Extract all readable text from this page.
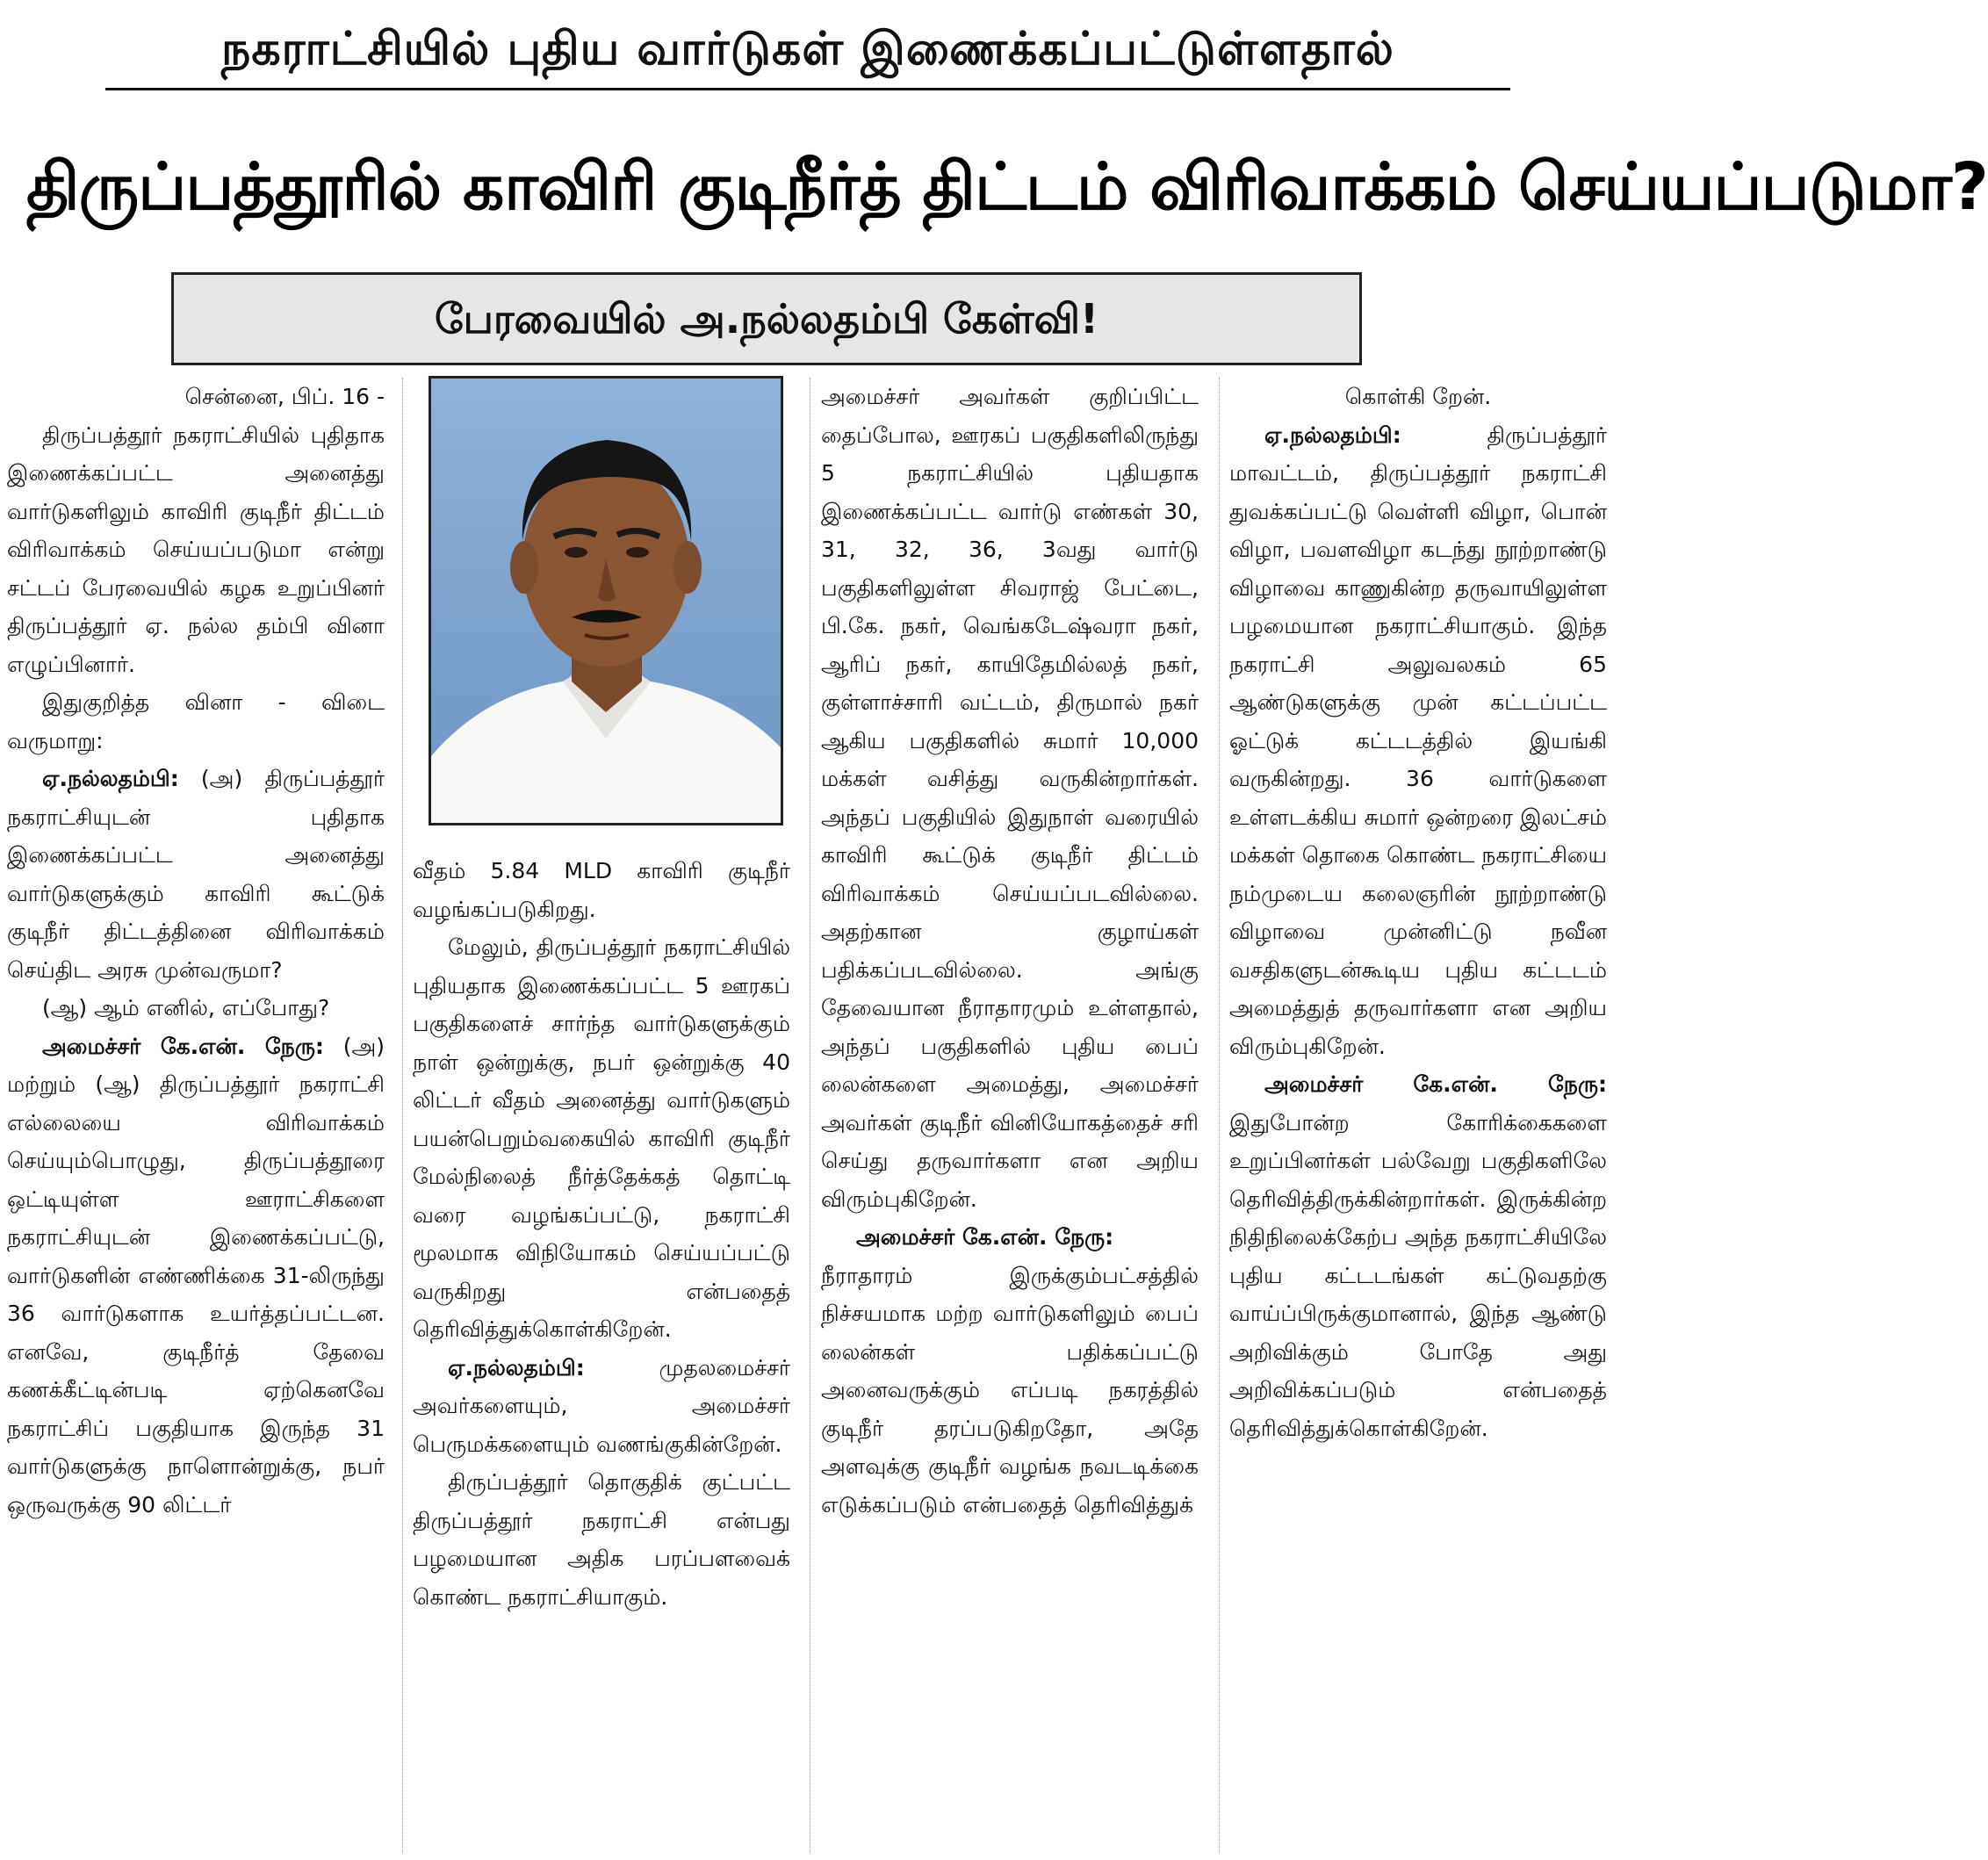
நகராட்சியில் புதிய வார்டுகள் இணைக்கப்பட்டுள்ளதால்
திருப்பத்தூரில் காவிரி குடிநீர்த் திட்டம் விரிவாக்கம் செய்யப்படுமா?
பேரவையில் அ.நல்லதம்பி கேள்வி!

சென்னை, பிப். 16 -

திருப்பத்தூர் நகராட்சியில் புதிதாக இணைக்கப்பட்ட அனைத்து வார்டுகளிலும் காவிரி குடிநீர் திட்டம் விரிவாக்கம் செய்யப்படுமா என்று சட்டப் பேரவையில் கழக உறுப்பினர் திருப்பத்தூர் ஏ. நல்ல தம்பி வினா எழுப்பினார்.

இதுகுறித்த வினா - விடை வருமாறு:

ஏ.நல்லதம்பி: (அ) திருப்பத்தூர் நகராட்சியுடன் புதிதாக இணைக்கப்பட்ட அனைத்து வார்டுகளுக்கும் காவிரி கூட்டுக் குடிநீர் திட்டத்தினை விரிவாக்கம் செய்திட அரசு முன்வருமா?

(ஆ) ஆம் எனில், எப்போது?

அமைச்சர் கே.என். நேரு: (அ) மற்றும் (ஆ) திருப்பத்தூர் நகராட்சி எல்லையை விரிவாக்கம் செய்யும்பொழுது, திருப்பத்தூரை ஒட்டியுள்ள ஊராட்சிகளை நகராட்சியுடன் இணைக்கப்பட்டு, வார்டுகளின் எண்ணிக்கை 31-லிருந்து 36 வார்டுகளாக உயர்த்தப்பட்டன. எனவே, குடிநீர்த் தேவை கணக்கீட்டின்படி ஏற்கெனவே நகராட்சிப் பகுதியாக இருந்த 31 வார்டுகளுக்கு நாளொன்றுக்கு, நபர் ஒருவருக்கு 90 லிட்டர்

வீதம் 5.84 MLD காவிரி குடிநீர் வழங்கப்படுகிறது.

மேலும், திருப்பத்தூர் நகராட்சியில் புதியதாக இணைக்கப்பட்ட 5 ஊரகப் பகுதிகளைச் சார்ந்த வார்டுகளுக்கும் நாள் ஒன்றுக்கு, நபர் ஒன்றுக்கு 40 லிட்டர் வீதம் அனைத்து வார்டுகளும் பயன்பெறும்வகையில் காவிரி குடிநீர் மேல்நிலைத் நீர்த்தேக்கத் தொட்டி வரை வழங்கப்பட்டு, நகராட்சி மூலமாக விநியோகம் செய்யப்பட்டு வருகிறது என்பதைத் தெரிவித்துக்கொள்கிறேன்.

ஏ.நல்லதம்பி: முதலமைச்சர் அவர்களையும், அமைச்சர் பெருமக்களையும் வணங்குகின்றேன்.

திருப்பத்தூர் தொகுதிக் குட்பட்ட திருப்பத்தூர் நகராட்சி என்பது பழமையான அதிக பரப்பளவைக் கொண்ட நகராட்சியாகும்.

அமைச்சர் அவர்கள் குறிப்பிட்ட தைப்போல, ஊரகப் பகுதிகளிலிருந்து 5 நகராட்சியில் புதியதாக இணைக்கப்பட்ட வார்டு எண்கள் 30, 31, 32, 36, 3வது வார்டு பகுதிகளிலுள்ள சிவராஜ் பேட்டை, பி.கே. நகர், வெங்கடேஷ்வரா நகர், ஆரிப் நகர், காயிதேமில்லத் நகர், குள்ளாச்சாரி வட்டம், திருமால் நகர் ஆகிய பகுதிகளில் சுமார் 10,000 மக்கள் வசித்து வருகின்றார்கள். அந்தப் பகுதியில் இதுநாள் வரையில் காவிரி கூட்டுக் குடிநீர் திட்டம் விரிவாக்கம் செய்யப்படவில்லை. அதற்கான குழாய்கள் பதிக்கப்படவில்லை. அங்கு தேவையான நீராதாரமும் உள்ளதால், அந்தப் பகுதிகளில் புதிய பைப் லைன்களை அமைத்து, அமைச்சர் அவர்கள் குடிநீர் வினியோகத்தைச் சரி செய்து தருவார்களா என அறிய விரும்புகிறேன்.

அமைச்சர் கே.என். நேரு:

நீராதாரம் இருக்கும்பட்சத்தில் நிச்சயமாக மற்ற வார்டுகளிலும் பைப் லைன்கள் பதிக்கப்பட்டு அனைவருக்கும் எப்படி நகரத்தில் குடிநீர் தரப்படுகிறதோ, அதே அளவுக்கு குடிநீர் வழங்க நவடடிக்கை எடுக்கப்படும் என்பதைத் தெரிவித்துக்

கொள்கி றேன்.

ஏ.நல்லதம்பி: திருப்பத்தூர் மாவட்டம், திருப்பத்தூர் நகராட்சி துவக்கப்பட்டு வெள்ளி விழா, பொன் விழா, பவளவிழா கடந்து நூற்றாண்டு விழாவை காணுகின்ற தருவாயிலுள்ள பழமையான நகராட்சியாகும். இந்த நகராட்சி அலுவலகம் 65 ஆண்டுகளுக்கு முன் கட்டப்பட்ட ஓட்டுக் கட்டடத்தில் இயங்கி வருகின்றது. 36 வார்டுகளை உள்ளடக்கிய சுமார் ஒன்றரை இலட்சம் மக்கள் தொகை கொண்ட நகராட்சியை நம்முடைய கலைஞரின் நூற்றாண்டு விழாவை முன்னிட்டு நவீன வசதிகளுடன்கூடிய புதிய கட்டடம் அமைத்துத் தருவார்களா என அறிய விரும்புகிறேன்.

அமைச்சர் கே.என். நேரு: இதுபோன்ற கோரிக்கைகளை உறுப்பினர்கள் பல்வேறு பகுதிகளிலே தெரிவித்திருக்கின்றார்கள். இருக்கின்ற நிதிநிலைக்கேற்ப அந்த நகராட்சியிலே புதிய கட்டடங்கள் கட்டுவதற்கு வாய்ப்பிருக்குமானால், இந்த ஆண்டு அறிவிக்கும் போதே அது அறிவிக்கப்படும் என்பதைத் தெரிவித்துக்கொள்கிறேன்.
